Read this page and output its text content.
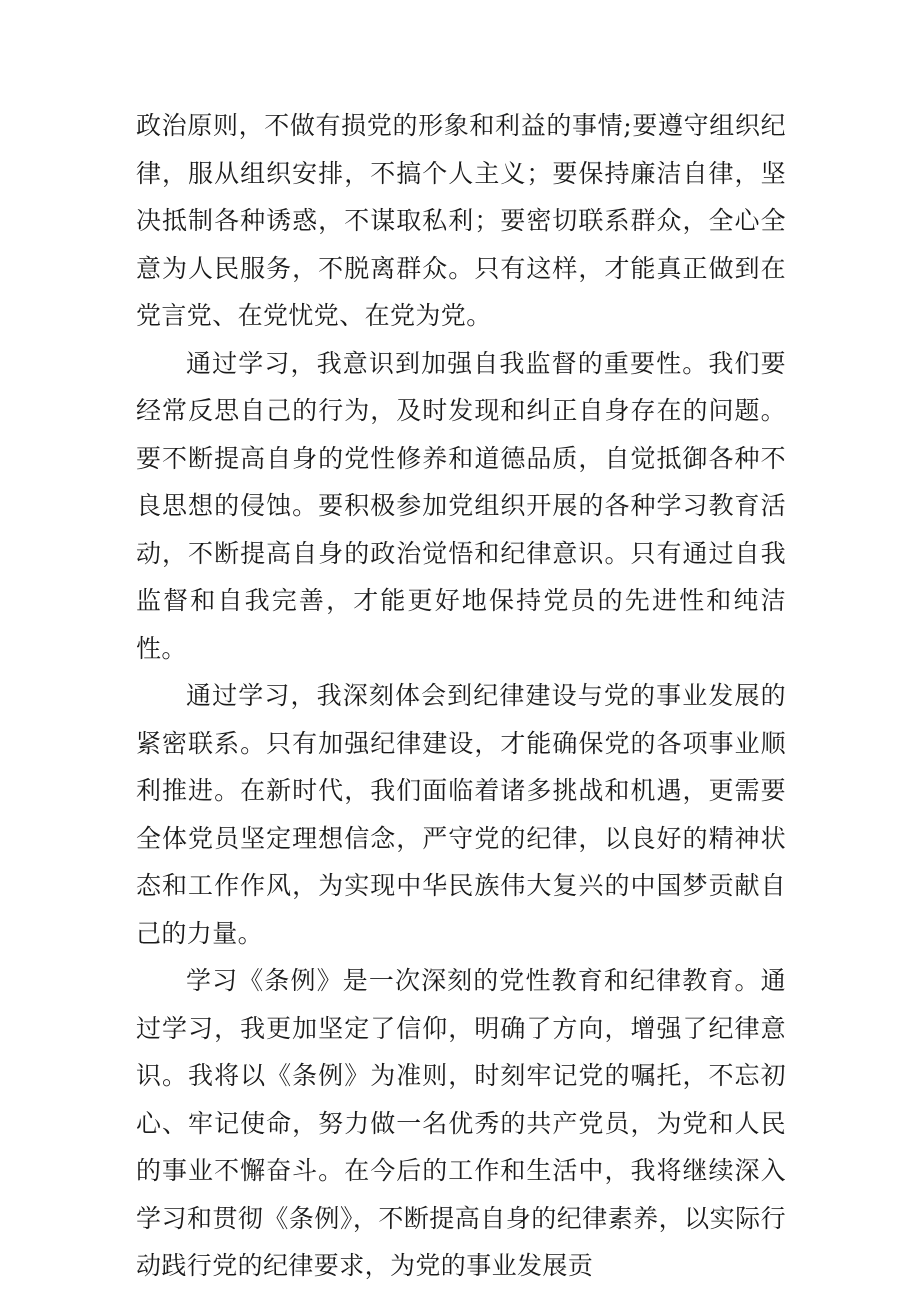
政治原则，不做有损党的形象和利益的事情;要遵守组织纪律，服从组织安排，不搞个人主义；要保持廉洁自律，坚决抵制各种诱惑，不谋取私利；要密切联系群众，全心全意为人民服务，不脱离群众。只有这样，才能真正做到在党言党、在党忧党、在党为党。

通过学习，我意识到加强自我监督的重要性。我们要经常反思自己的行为，及时发现和纠正自身存在的问题。要不断提高自身的党性修养和道德品质，自觉抵御各种不良思想的侵蚀。要积极参加党组织开展的各种学习教育活动，不断提高自身的政治觉悟和纪律意识。只有通过自我监督和自我完善，才能更好地保持党员的先进性和纯洁性。

通过学习，我深刻体会到纪律建设与党的事业发展的紧密联系。只有加强纪律建设，才能确保党的各项事业顺利推进。在新时代，我们面临着诸多挑战和机遇，更需要全体党员坚定理想信念，严守党的纪律，以良好的精神状态和工作作风，为实现中华民族伟大复兴的中国梦贡献自己的力量。

学习《条例》是一次深刻的党性教育和纪律教育。通过学习，我更加坚定了信仰，明确了方向，增强了纪律意识。我将以《条例》为准则，时刻牢记党的嘱托，不忘初心、牢记使命，努力做一名优秀的共产党员，为党和人民的事业不懈奋斗。在今后的工作和生活中，我将继续深入学习和贯彻《条例》，不断提高自身的纪律素养，以实际行动践行党的纪律要求，为党的事业发展贡
